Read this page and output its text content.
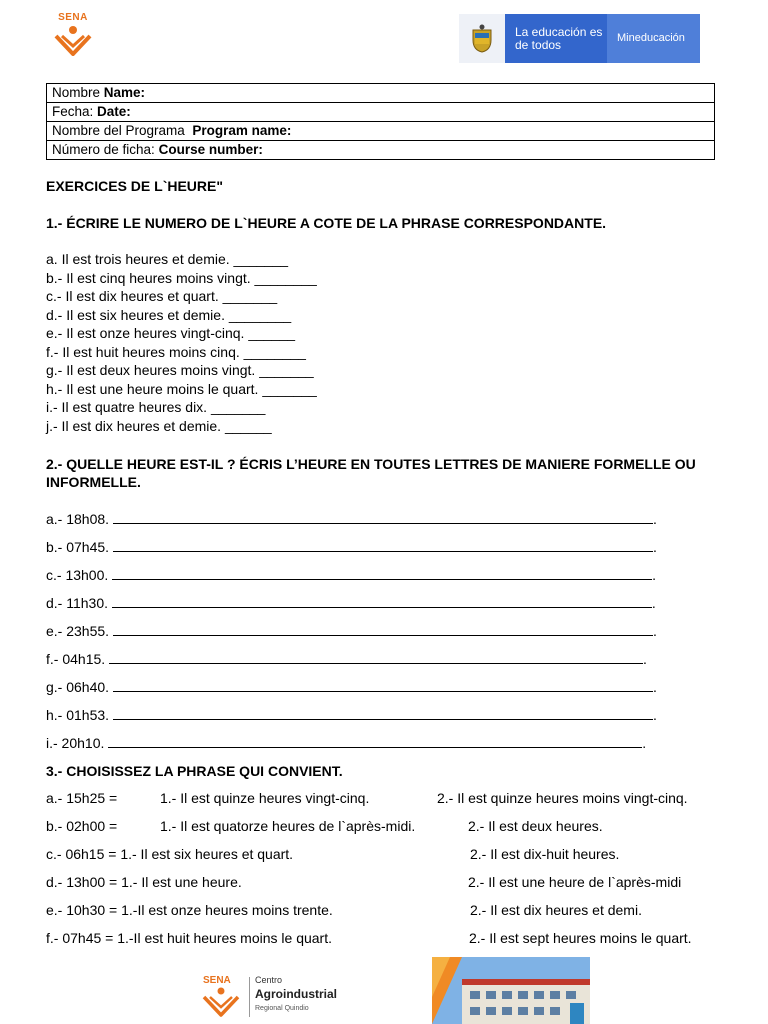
SENA
La educación es de todos	Mineducación
Nombre Name:
Fecha: Date:
Nombre del Programa Program name:
Número de ficha: Course number:
EXERCICES DE L`HEURE"
1.- ÉCRIRE LE NUMERO DE L`HEURE A COTE DE LA PHRASE CORRESPONDANTE.
a. Il est trois heures et demie. _______
b.- Il est cinq heures moins vingt. ________
c.- Il est dix heures et quart. _______
d.- Il est six heures et demie. ________
e.- Il est onze heures vingt-cinq. ______
f.- Il est huit heures moins cinq. ________
g.- Il est deux heures moins vingt. _______
h.- Il est une heure moins le quart. _______
i.- Il est quatre heures dix. _______
j.- Il est dix heures et demie. ______
2.- QUELLE HEURE EST-IL ? ÉCRIS L’HEURE EN TOUTES LETTRES DE MANIERE FORMELLE OU INFORMELLE.
a.- 18h08.	.
b.- 07h45.	.
c.- 13h00.	.
d.- 11h30.	.
e.- 23h55.	.
f.- 04h15.	.
g.- 06h40.	.
h.- 01h53.	.
i.- 20h10.	.
3.- CHOISISSEZ LA PHRASE QUI CONVIENT.
a.- 15h25 =	1.- Il est quinze heures vingt-cinq.	2.- Il est quinze heures moins vingt-cinq.
b.- 02h00 =	1.- Il est quatorze heures de l`après-midi.	2.- Il est deux heures.
c.- 06h15 = 1.- Il est six heures et quart.	2.- Il est dix-huit heures.
d.- 13h00 = 1.- Il est une heure.	2.- Il est une heure de l`après-midi
e.- 10h30 = 1.-Il est onze heures moins trente.	2.- Il est dix heures et demi.
f.- 07h45 = 1.-Il est huit heures moins le quart.	2.- Il est sept heures moins le quart.
SENA	Centro
Agroindustrial
Regional Quindio
